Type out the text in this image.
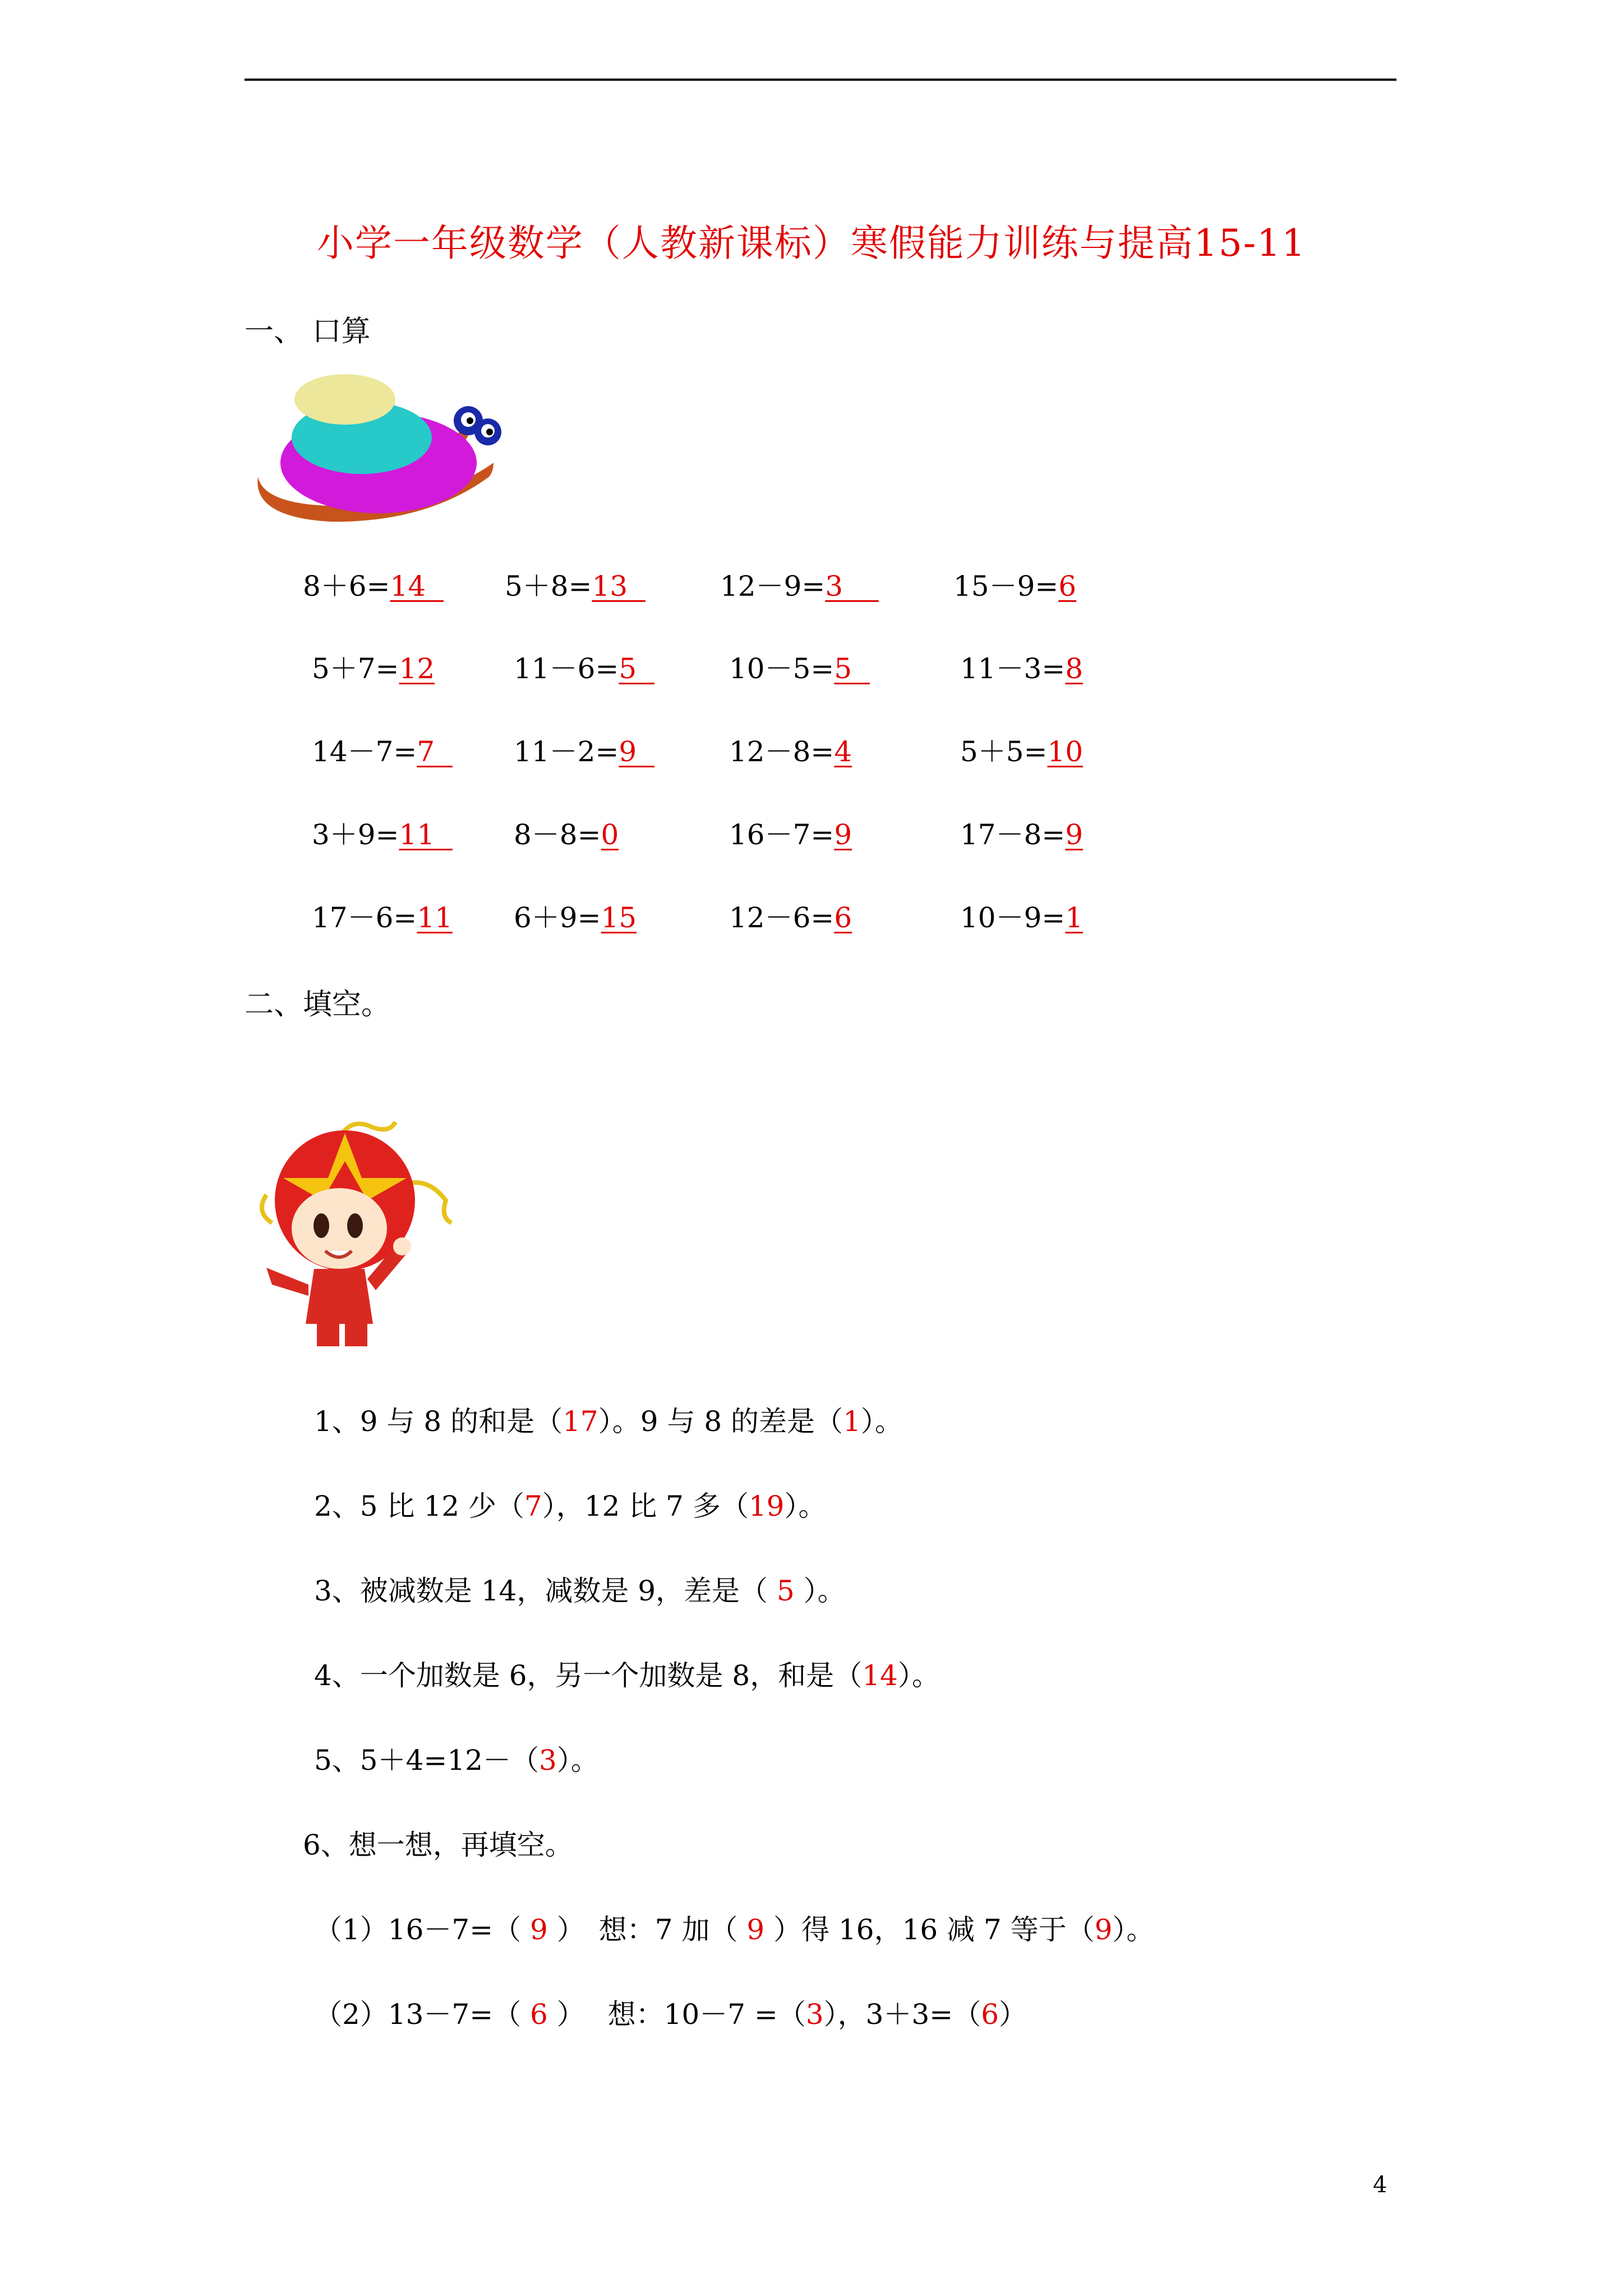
小学一年级数学（人教新课标）寒假能力训练与提高15-11
一、 口算
8＋6=14	5＋8=13	12－9=3	15－9=6
5＋7=12	11－6=5	10－5=5	11－3=8
14－7=7	11－2=9	12－8=4	5＋5=10
3＋9=11	8－8=0	16－7=9	17－8=9
17－6=11 6＋9=15	12－6=6	10－9=1
二、填空。
1、9 与 8 的和是（17）。9 与 8 的差是（1）。
2、5 比 12 少（7），12 比 7 多（19）。
3、被减数是 14，减数是 9，差是（ 5 ）。
4、一个加数是 6，另一个加数是 8，和是（14）。
5、5＋4=12－（3）。
6、想一想，再填空。
（1）16－7=（ 9 ）　想：7 加（ 9 ）得 16，16 减 7 等于（9）。
（2）13－7=（ 6 ）　 想：10－7 =（3），3＋3=（6）
4
